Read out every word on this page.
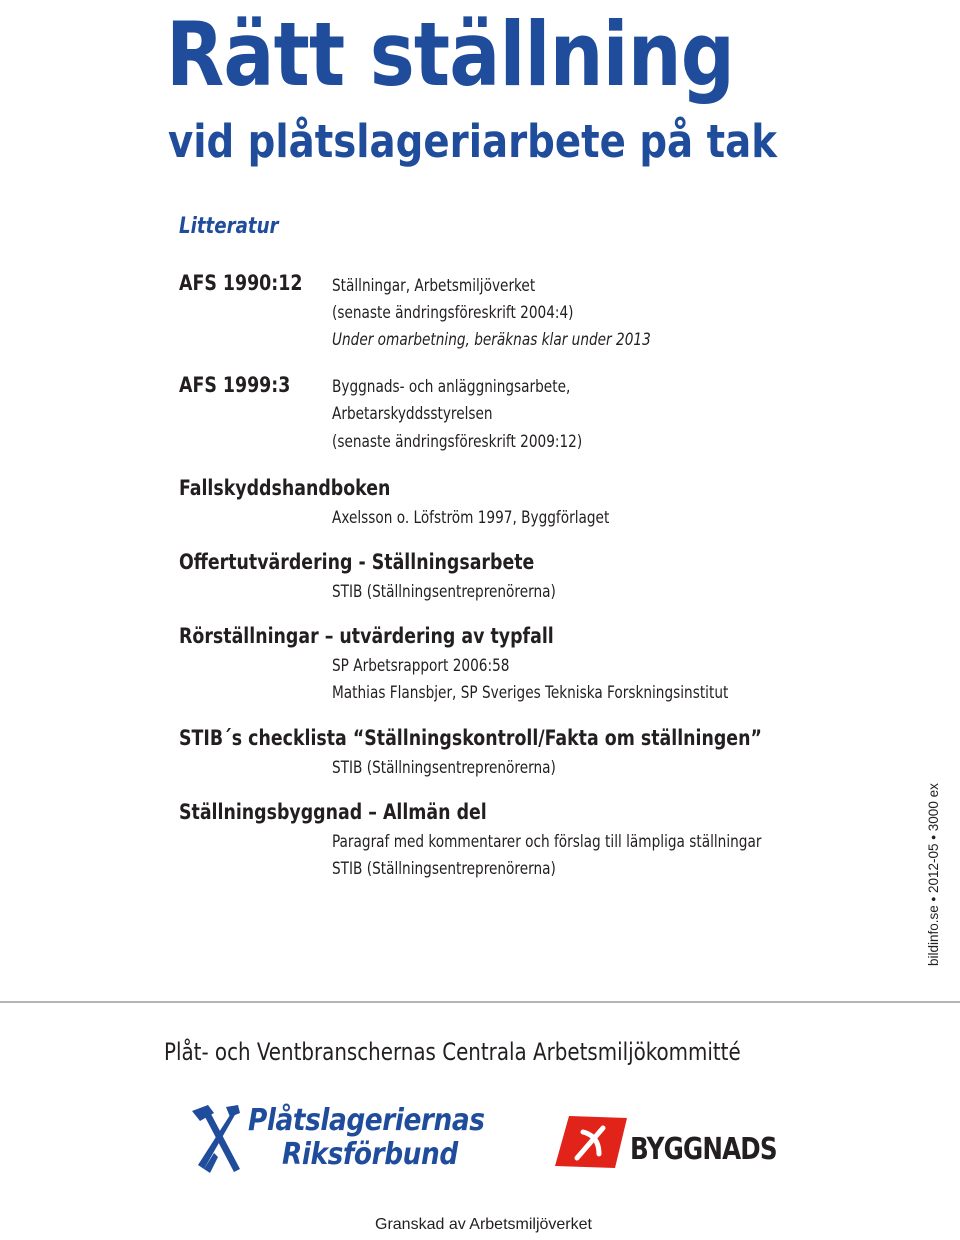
Rätt ställning
vid plåtslageriarbete på tak
Litteratur
AFS 1990:12 Ställningar, Arbetsmiljöverket
(senaste ändringsföreskrift 2004:4)
Under omarbetning, beräknas klar under 2013
AFS 1999:3	Byggnads- och anläggningsarbete,
Arbetarskyddsstyrelsen
(senaste ändringsföreskrift 2009:12)
Fallskyddshandboken
Axelsson o. Löfström 1997, Byggförlaget
Offertutvärdering - Ställningsarbete
STIB (Ställningsentreprenörerna)
Rörställningar – utvärdering av typfall
SP Arbetsrapport 2006:58
Mathias Flansbjer, SP Sveriges Tekniska Forskningsinstitut
STIB´s checklista “Ställningskontroll/Fakta om ställningen”
STIB (Ställningsentreprenörerna)
Ställningsbyggnad – Allmän del
Paragraf med kommentarer och förslag till lämpliga ställningar
STIB (Ställningsentreprenörerna)	bildinfo.se • 2012-05 • 3000 ex
Plåt- och Ventbranschernas Centrala Arbetsmiljökommitté
Plåtslageriernas
Riksförbund	BYGGNADS
Granskad av Arbetsmiljöverket
